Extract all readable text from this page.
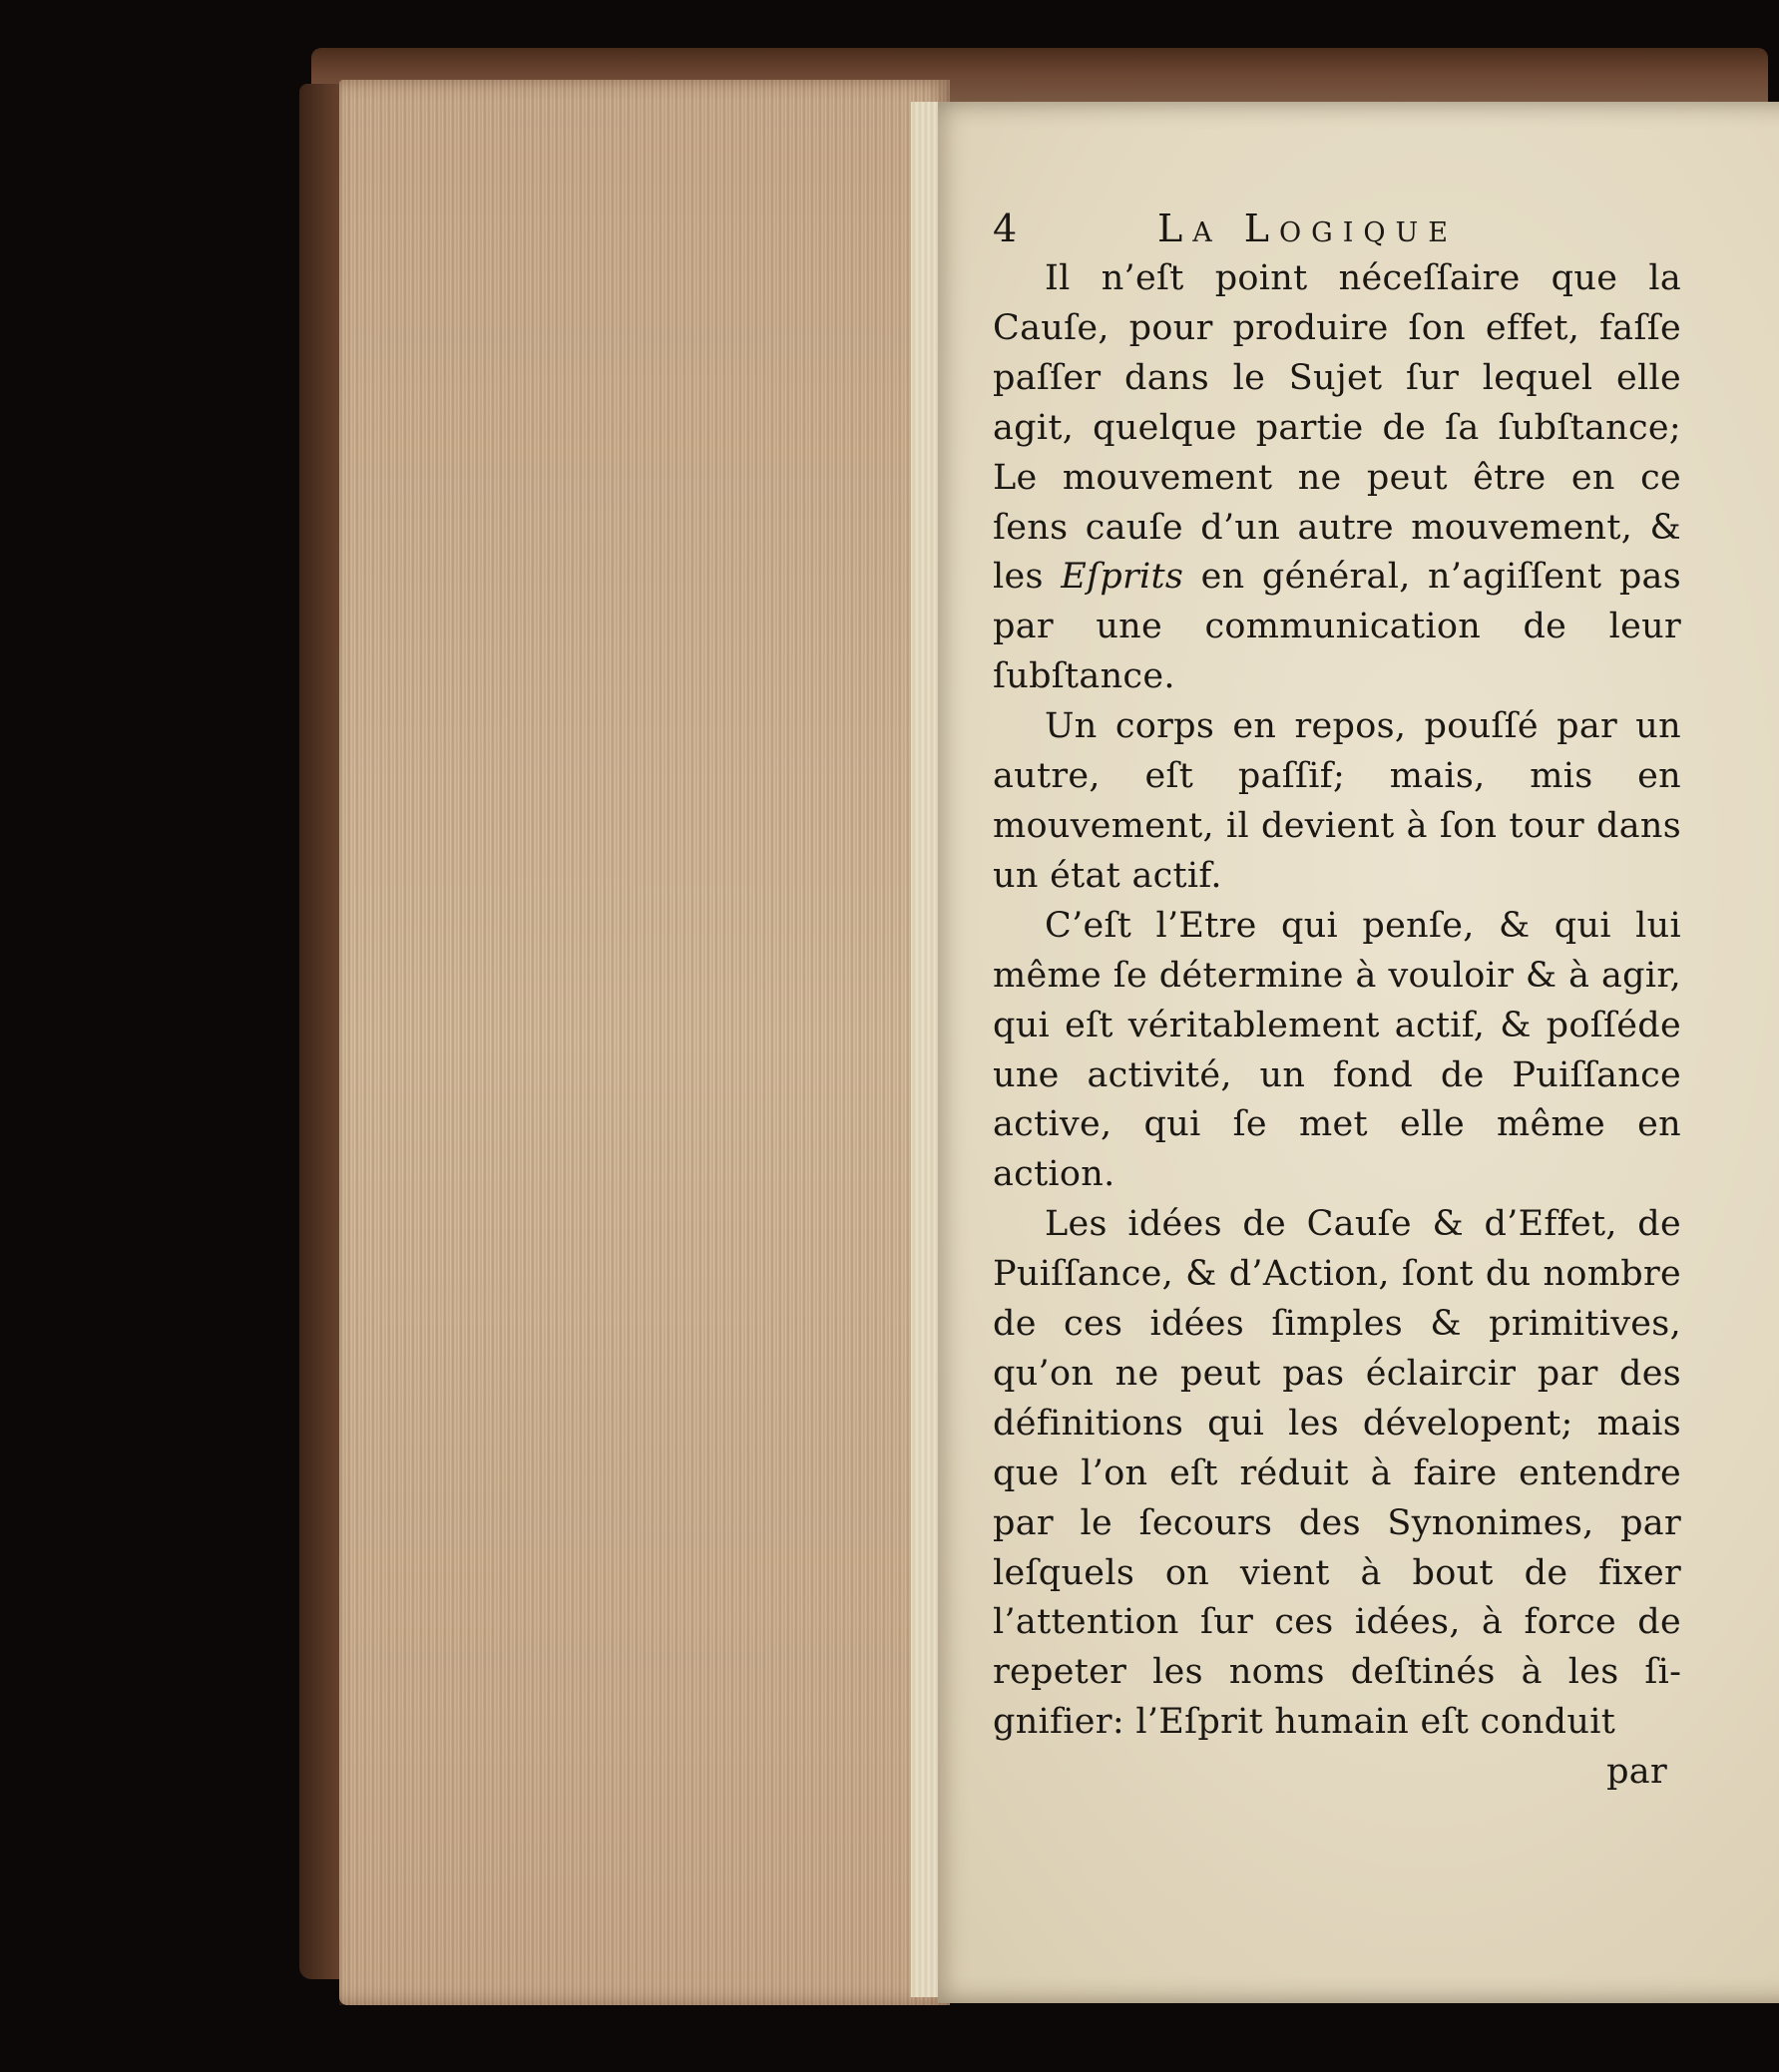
4	La Logique

Il n’eſt point néceſſaire que la Cauſe, pour produire ſon effet, faſſe paſſer dans le Sujet ſur lequel elle agit, quelque partie de ſa ſubſtance; Le mouvement ne peut être en ce ſens cauſe d’un autre mouvement, & les Eſprits en général, n’agiſſent pas par une communication de leur ſubſtance.

Un corps en repos, pouſſé par un autre, eſt paſſif; mais, mis en mouvement, il devient à ſon tour dans un état actif.

C’eſt l’Etre qui penſe, & qui lui même ſe détermine à vouloir & à agir, qui eſt véritablement actif, & poſſéde une activité, un fond de Puiſſance active, qui ſe met elle même en action.

Les idées de Cauſe & d’Effet, de Puiſſance, & d’Action, ſont du nombre de ces idées ſimples & primitives, qu’on ne peut pas éclaircir par des définitions qui les dévelopent; mais que l’on eſt réduit à faire entendre par le ſecours des Synonimes, par leſquels on vient à bout de fixer l’attention ſur ces idées, à force de repeter les noms deſtinés à les ſignifier: l’Eſprit humain eſt conduit

par
